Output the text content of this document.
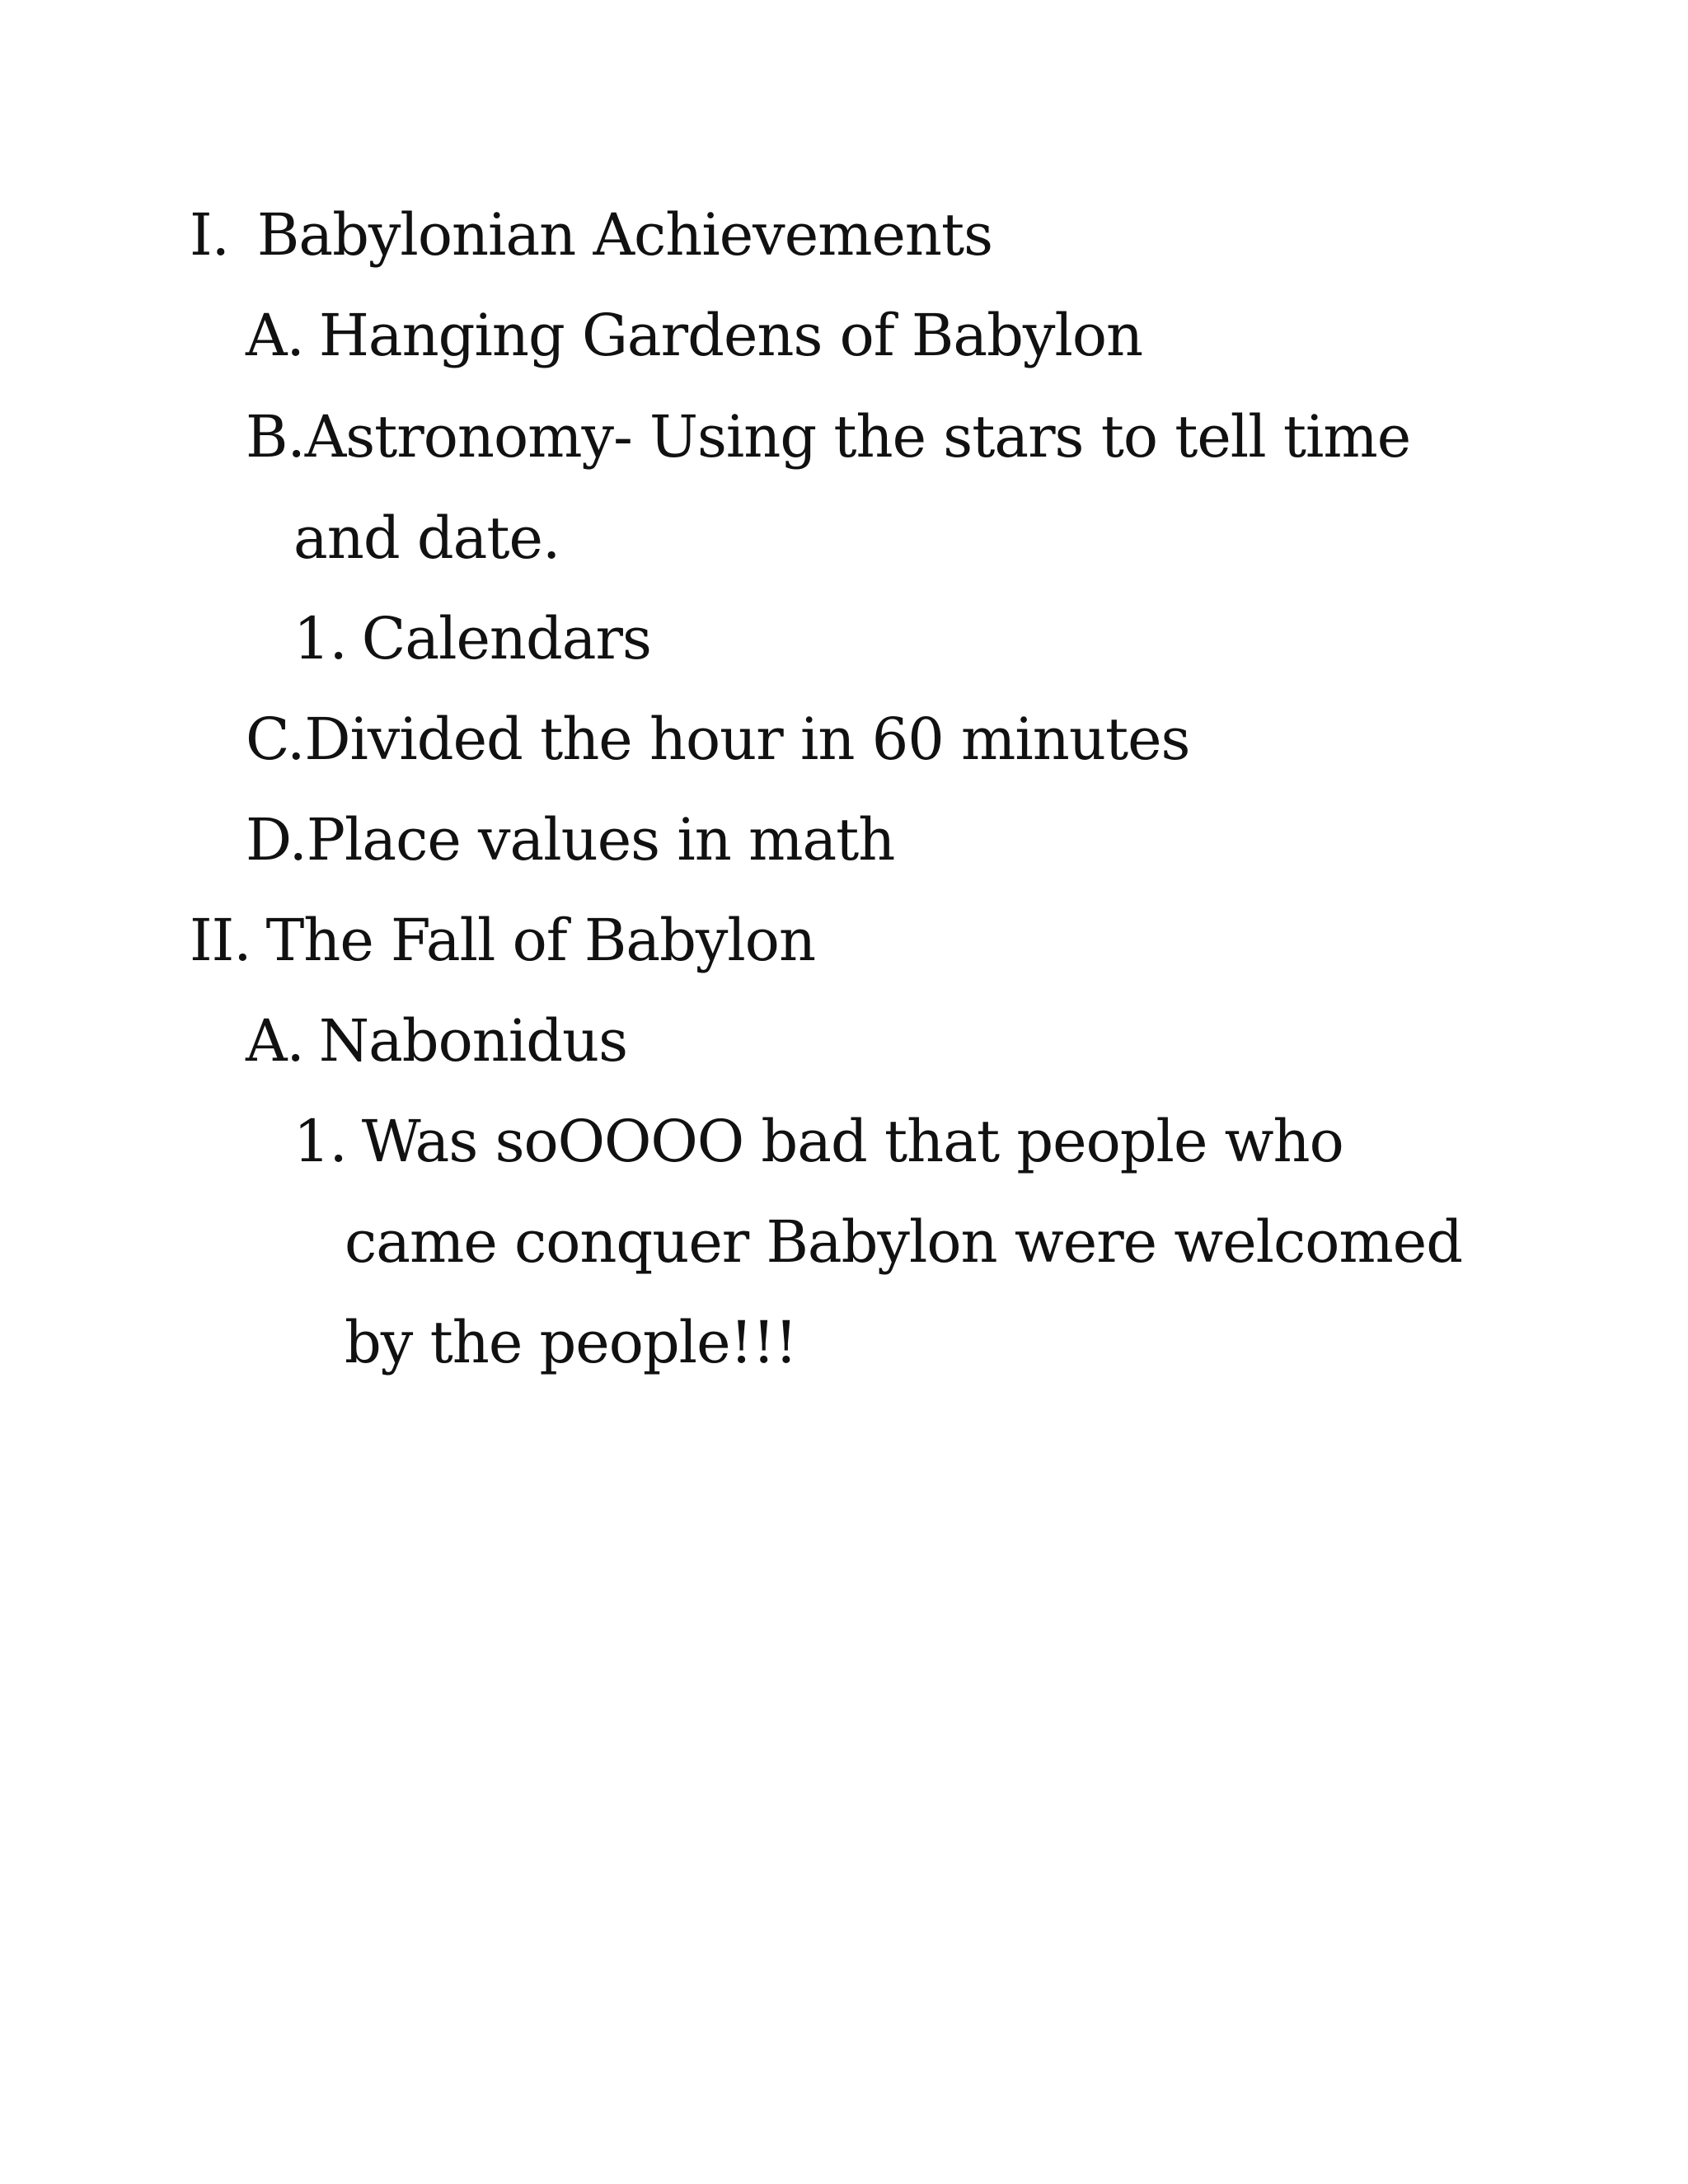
I. Babylonian Achievements
A. Hanging Gardens of Babylon
B.Astronomy- Using the stars to tell time
and date.
1. Calendars
C.Divided the hour in 60 minutes
D.Place values in math
II. The Fall of Babylon
A. Nabonidus
1. Was soOOOO bad that people who
came conquer Babylon were welcomed
by the people!!!
